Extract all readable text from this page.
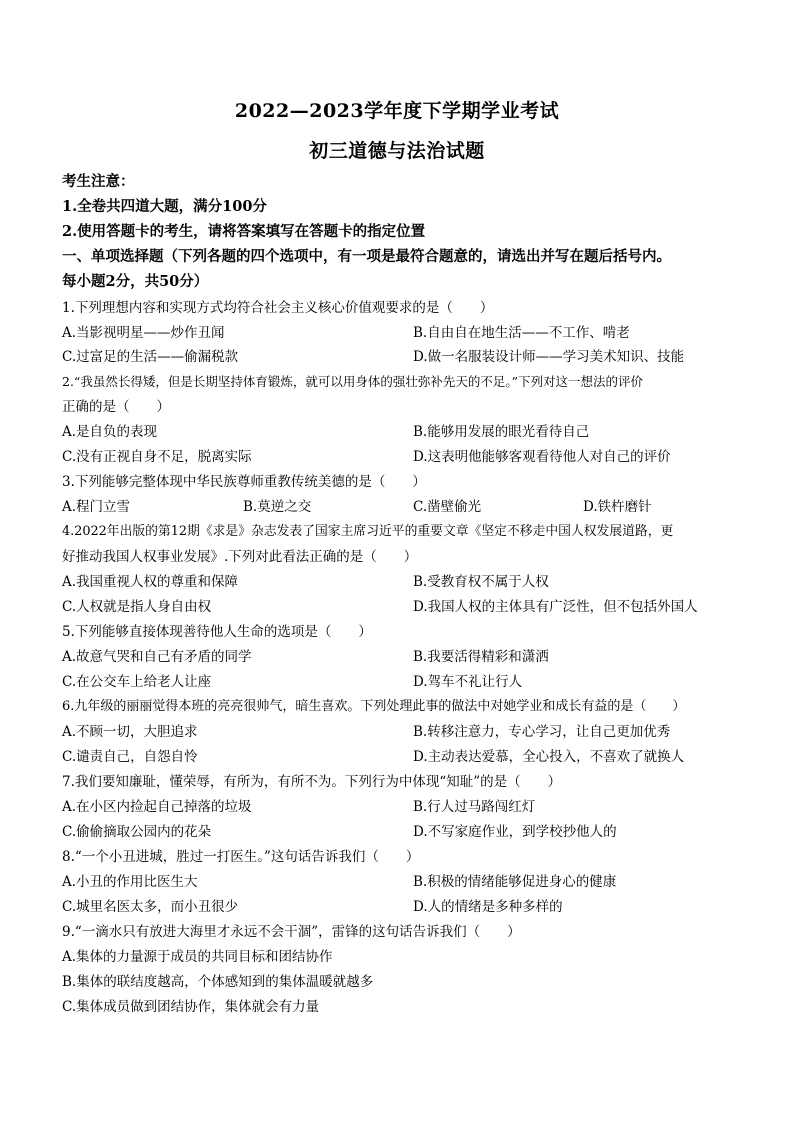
2022—2023学年度下学期学业考试
初三道德与法治试题
考生注意：
1.全卷共四道大题，满分100分
2.使用答题卡的考生，请将答案填写在答题卡的指定位置
一、单项选择题（下列各题的四个选项中，有一项是最符合题意的，请选出并写在题后括号内。
每小题2分，共50分）
1.下列理想内容和实现方式均符合社会主义核心价值观要求的是（　　）
A.当影视明星——炒作丑闻	B.自由自在地生活——不工作、啃老
C.过富足的生活——偷漏税款	D.做一名服装设计师——学习美术知识、技能
2.“我虽然长得矮，但是长期坚持体育锻炼，就可以用身体的强壮弥补先天的不足。”下列对这一想法的评价
正确的是（　　）
A.是自负的表现	B.能够用发展的眼光看待自己
C.没有正视自身不足，脱离实际	D.这表明他能够客观看待他人对自己的评价
3.下列能够完整体现中华民族尊师重教传统美德的是（　　）
A.程门立雪	B.莫逆之交	C.凿壁偷光	D.铁杵磨针
4.2022年出版的第12期《求是》杂志发表了国家主席习近平的重要文章《坚定不移走中国人权发展道路，更
好推动我国人权事业发展》.下列对此看法正确的是（　　）
A.我国重视人权的尊重和保障	B.受教育权不属于人权
C.人权就是指人身自由权	D.我国人权的主体具有广泛性，但不包括外国人
5.下列能够直接体现善待他人生命的选项是（　　）
A.故意气哭和自己有矛盾的同学	B.我要活得精彩和潇洒
C.在公交车上给老人让座	D.驾车不礼让行人
6.九年级的丽丽觉得本班的亮亮很帅气，暗生喜欢。下列处理此事的做法中对她学业和成长有益的是（　　）
A.不顾一切，大胆追求	B.转移注意力，专心学习，让自己更加优秀
C.谴责自己，自怨自怜	D.主动表达爱慕，全心投入，不喜欢了就换人
7.我们要知廉耻，懂荣辱，有所为，有所不为。下列行为中体现“知耻”的是（　　）
A.在小区内捡起自己掉落的垃圾	B.行人过马路闯红灯
C.偷偷摘取公园内的花朵	D.不写家庭作业，到学校抄他人的
8.“一个小丑进城，胜过一打医生。”这句话告诉我们（　　）
A.小丑的作用比医生大	B.积极的情绪能够促进身心的健康
C.城里名医太多，而小丑很少	D.人的情绪是多种多样的
9.“一滴水只有放进大海里才永远不会干涸”，雷锋的这句话告诉我们（　　）
A.集体的力量源于成员的共同目标和团结协作
B.集体的联结度越高，个体感知到的集体温暖就越多
C.集体成员做到团结协作，集体就会有力量
